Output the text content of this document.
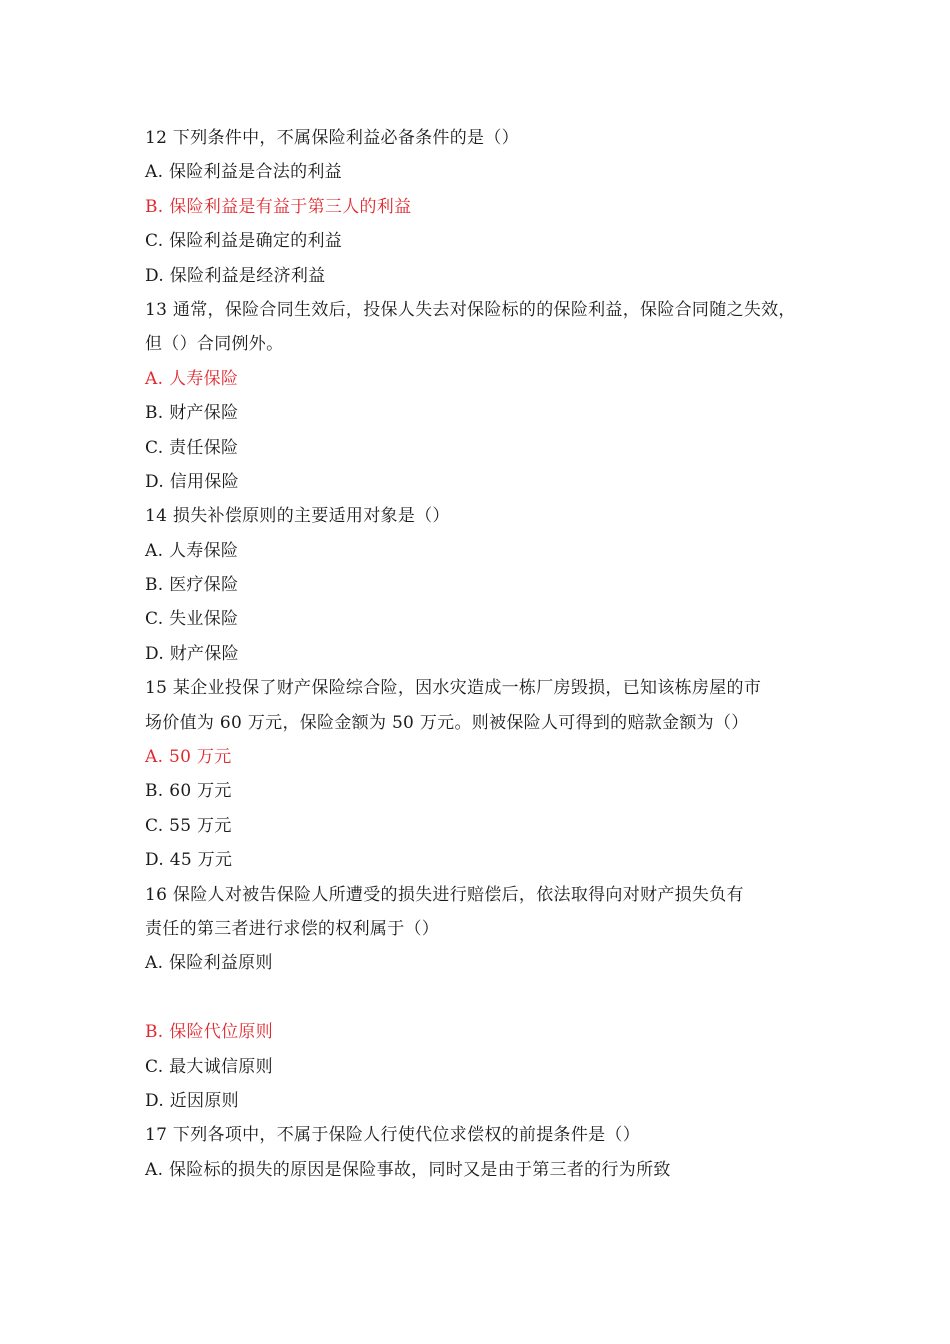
12 下列条件中，不属保险利益必备条件的是（）
A. 保险利益是合法的利益
B. 保险利益是有益于第三人的利益
C. 保险利益是确定的利益
D. 保险利益是经济利益
13 通常，保险合同生效后，投保人失去对保险标的的保险利益，保险合同随之失效，
但（）合同例外。
A. 人寿保险
B. 财产保险
C. 责任保险
D. 信用保险
14 损失补偿原则的主要适用对象是（）
A. 人寿保险
B. 医疗保险
C. 失业保险
D. 财产保险
15 某企业投保了财产保险综合险，因水灾造成一栋厂房毁损，已知该栋房屋的市
场价值为 60 万元，保险金额为 50 万元。则被保险人可得到的赔款金额为（）
A. 50 万元
B. 60 万元
C. 55 万元
D. 45 万元
16 保险人对被告保险人所遭受的损失进行赔偿后，依法取得向对财产损失负有
责任的第三者进行求偿的权利属于（）
A. 保险利益原则
B. 保险代位原则
C. 最大诚信原则
D. 近因原则
17 下列各项中，不属于保险人行使代位求偿权的前提条件是（）
A. 保险标的损失的原因是保险事故，同时又是由于第三者的行为所致
